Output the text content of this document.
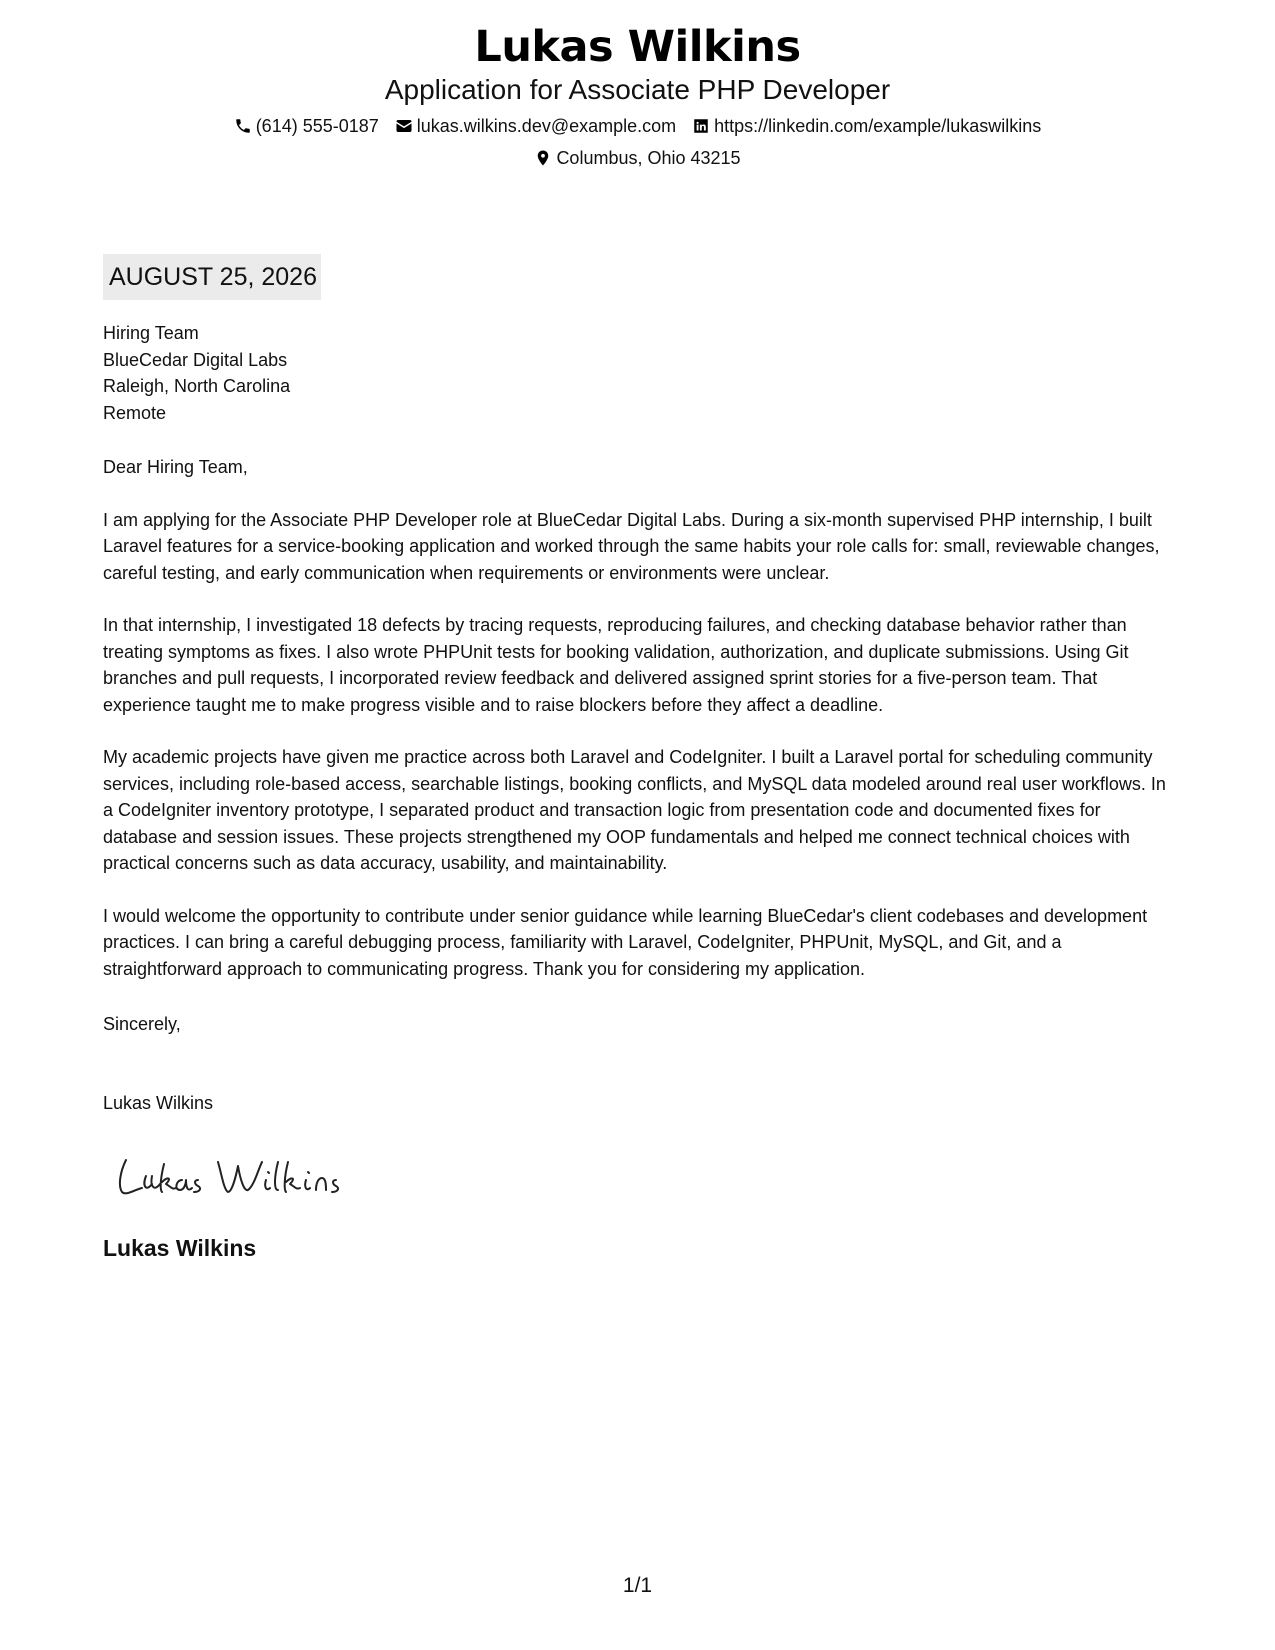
Lukas Wilkins
Application for Associate PHP Developer
(614) 555-0187 lukas.wilkins.dev@example.com https://linkedin.com/example/lukaswilkins
Columbus, Ohio 43215
AUGUST 25, 2026
Hiring Team
BlueCedar Digital Labs
Raleigh, North Carolina
Remote

Dear Hiring Team,

I am applying for the Associate PHP Developer role at BlueCedar Digital Labs. During a six-month supervised PHP internship, I built Laravel features for a service-booking application and worked through the same habits your role calls for: small, reviewable changes, careful testing, and early communication when requirements or environments were unclear.

In that internship, I investigated 18 defects by tracing requests, reproducing failures, and checking database behavior rather than treating symptoms as fixes. I also wrote PHPUnit tests for booking validation, authorization, and duplicate submissions. Using Git branches and pull requests, I incorporated review feedback and delivered assigned sprint stories for a five-person team. That experience taught me to make progress visible and to raise blockers before they affect a deadline.

My academic projects have given me practice across both Laravel and CodeIgniter. I built a Laravel portal for scheduling community services, including role-based access, searchable listings, booking conflicts, and MySQL data modeled around real user workflows. In a CodeIgniter inventory prototype, I separated product and transaction logic from presentation code and documented fixes for database and session issues. These projects strengthened my OOP fundamentals and helped me connect technical choices with practical concerns such as data accuracy, usability, and maintainability.

I would welcome the opportunity to contribute under senior guidance while learning BlueCedar's client codebases and development practices. I can bring a careful debugging process, familiarity with Laravel, CodeIgniter, PHPUnit, MySQL, and Git, and a straightforward approach to communicating progress. Thank you for considering my application.

Sincerely,
Lukas Wilkins
Lukas Wilkins
1/1
